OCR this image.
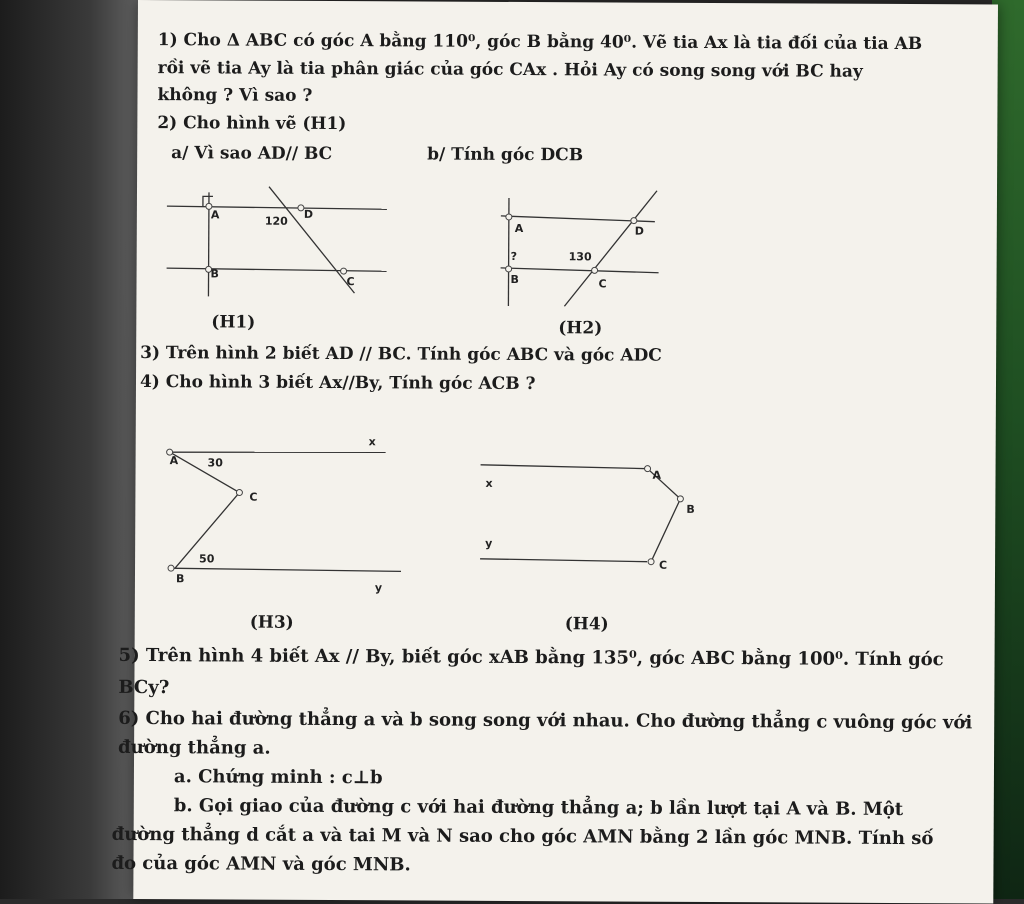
1) Cho Δ ABC có góc A bằng 110⁰, góc B bằng 40⁰. Vẽ tia Ax là tia đối của tia AB
rồi vẽ tia Ay là tia phân giác của góc CAx . Hỏi Ay có song song với BC hay
không ? Vì sao ?
2) Cho hình vẽ (H1)
a/ Vì sao AD// BC	b/ Tính góc DCB
A
B
C
D
120
A
B	C
D
?	130
(H1)	(H2)
3) Trên hình 2 biết AD // BC. Tính góc ABC và góc ADC
4) Cho hình 3 biết Ax//By, Tính góc ACB ?
A
B
C
x
y
30
50
A
B
C
x
y
(H3)	(H4)
5) Trên hình 4 biết Ax // By, biết góc xAB bằng 135⁰, góc ABC bằng 100⁰. Tính góc
BCy?
6) Cho hai đường thẳng a và b song song với nhau. Cho đường thẳng c vuông góc với
đường thẳng a.
a. Chứng minh : c⊥b
b. Gọi giao của đường c với hai đường thẳng a; b lần lượt tại A và B. Một
đường thẳng d cắt a và tai M và N sao cho góc AMN bằng 2 lần góc MNB. Tính số
đo của góc AMN và góc MNB.
